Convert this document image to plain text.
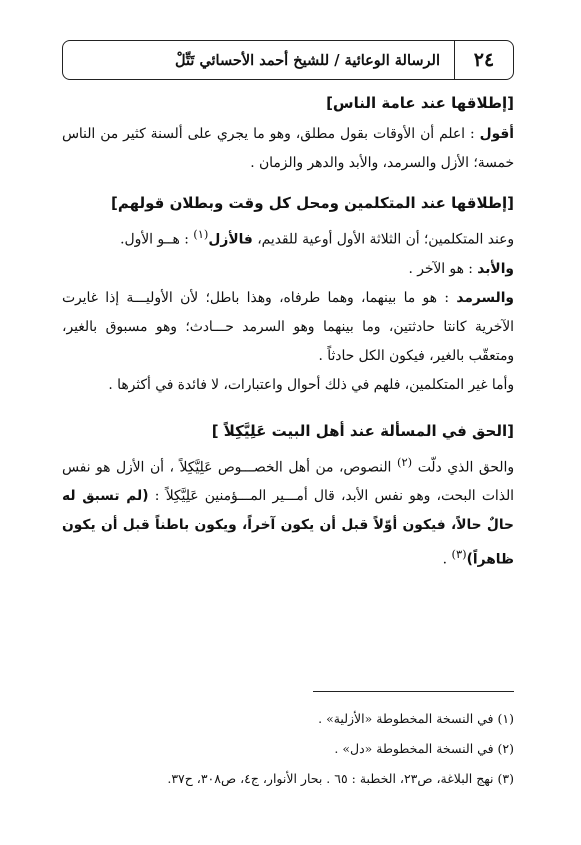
٢٤
الرسالة الوعائية / للشيخ أحمد الأحسائي تَتِّلْ
[إطلاقها عند عامة الناس]

أقول : اعلم أن الأوقات بقول مطلق، وهو ما يجري على ألسنة كثير من الناس خمسة؛ الأزل والسرمد، والأبد والدهر والزمان .

[إطلاقها عند المتكلمين ومحل كل وقت وبطلان قولهم]

وعند المتكلمين؛ أن الثلاثة الأول أوعية للقديم، فالأزل$^{(١)}$ : هــو الأول.

والأبد : هو الآخر .

والسرمد : هو ما بينهما، وهما طرفاه، وهذا باطل؛ لأن الأوليـــة إذا غايرت الآخرية كانتا حادثتين، وما بينهما وهو السرمد حـــادث؛ وهو مسبوق بالغير، ومتعقّب بالغير، فيكون الكل حادثاً .

وأما غير المتكلمين، فلهم في ذلك أحوال واعتبارات، لا فائدة في أكثرها .

[الحق في المسألة عند أهل البيت عَلِيَّكِلاً ]

والحق الذي دلّت $^{(٢)}$ النصوص، من أهل الخصـــوص عَلِيَّكِلاً ، أن الأزل هو نفس الذات البحت، وهو نفس الأبد، قال أمـــير المـــؤمنين عَلِيَّكِلاً : (لم تسبق له حالٌ حالاً، فيكون أوّلاً قبل أن يكون آخراً، ويكون باطناً قبل أن يكون ظاهراً)$^{(٣)}$ .

(١) في النسخة المخطوطة «الأزلية» .

(٢) في النسخة المخطوطة «دل» .

(٣) نهج البلاغة، ص٢٣، الخطبة : ٦٥ . بحار الأنوار، ج٤، ص٣٠٨، ح٣٧.
